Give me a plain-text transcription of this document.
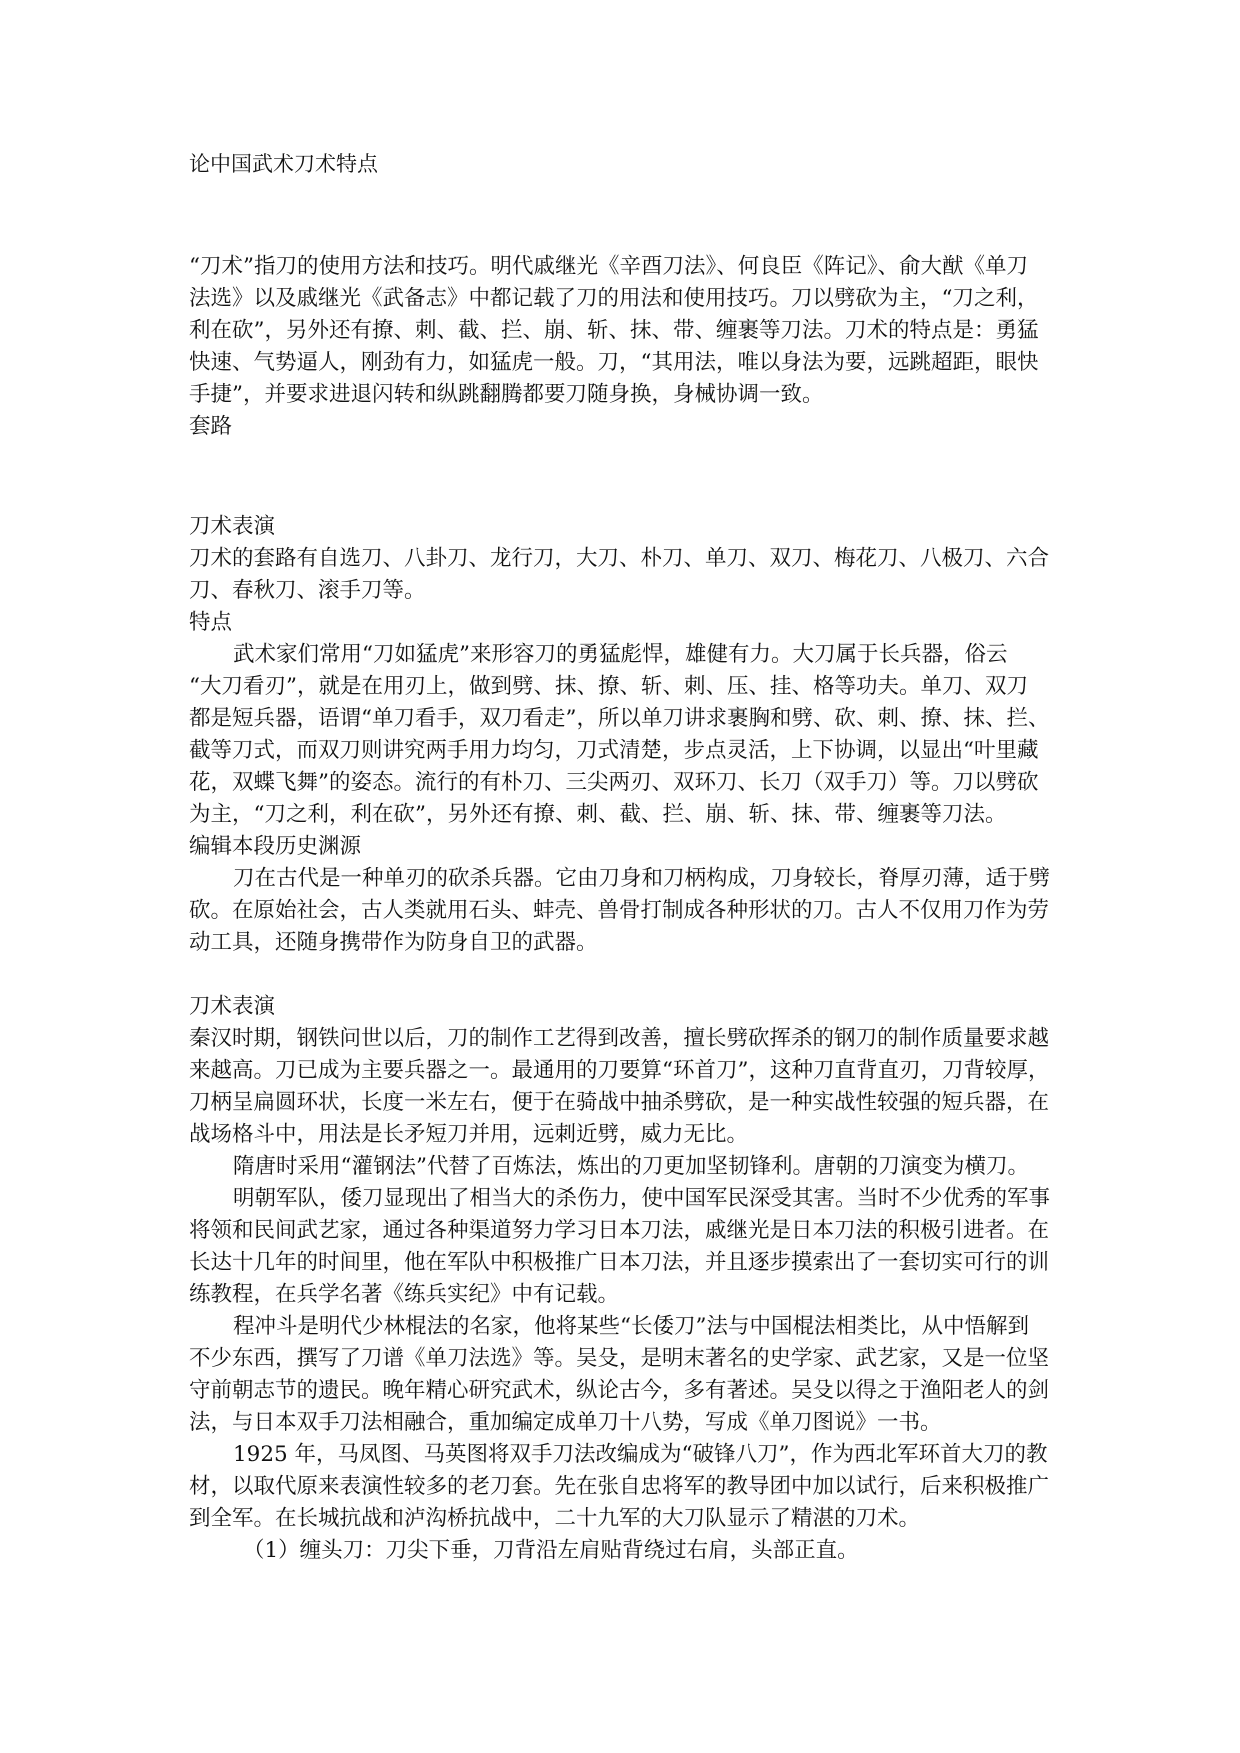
论中国武术刀术特点
“刀术”指刀的使用方法和技巧。明代戚继光《辛酉刀法》、何良臣《阵记》、俞大猷《单刀
法选》以及戚继光《武备志》中都记载了刀的用法和使用技巧。刀以劈砍为主，“刀之利，
利在砍”，另外还有撩、刺、截、拦、崩、斩、抹、带、缠裹等刀法。刀术的特点是：勇猛
快速、气势逼人，刚劲有力，如猛虎一般。刀，“其用法，唯以身法为要，远跳超距，眼快
手捷”，并要求进退闪转和纵跳翻腾都要刀随身换，身械协调一致。
套路
刀术表演
刀术的套路有自选刀、八卦刀、龙行刀，大刀、朴刀、单刀、双刀、梅花刀、八极刀、六合
刀、春秋刀、滚手刀等。
特点
武术家们常用“刀如猛虎”来形容刀的勇猛彪悍，雄健有力。大刀属于长兵器，俗云
“大刀看刃”，就是在用刃上，做到劈、抹、撩、斩、刺、压、挂、格等功夫。单刀、双刀
都是短兵器，语谓“单刀看手，双刀看走”，所以单刀讲求裹胸和劈、砍、刺、撩、抹、拦、
截等刀式，而双刀则讲究两手用力均匀，刀式清楚，步点灵活，上下协调，以显出“叶里藏
花，双蝶飞舞”的姿态。流行的有朴刀、三尖两刃、双环刀、长刀（双手刀）等。刀以劈砍
为主，“刀之利，利在砍”，另外还有撩、刺、截、拦、崩、斩、抹、带、缠裹等刀法。
编辑本段历史渊源
刀在古代是一种单刃的砍杀兵器。它由刀身和刀柄构成，刀身较长，脊厚刃薄，适于劈
砍。在原始社会，古人类就用石头、蚌壳、兽骨打制成各种形状的刀。古人不仅用刀作为劳
动工具，还随身携带作为防身自卫的武器。
刀术表演
秦汉时期，钢铁问世以后，刀的制作工艺得到改善，擅长劈砍挥杀的钢刀的制作质量要求越
来越高。刀已成为主要兵器之一。最通用的刀要算“环首刀”，这种刀直背直刃，刀背较厚，
刀柄呈扁圆环状，长度一米左右，便于在骑战中抽杀劈砍，是一种实战性较强的短兵器，在
战场格斗中，用法是长矛短刀并用，远刺近劈，威力无比。
隋唐时采用“灌钢法”代替了百炼法，炼出的刀更加坚韧锋利。唐朝的刀演变为横刀。
明朝军队，倭刀显现出了相当大的杀伤力，使中国军民深受其害。当时不少优秀的军事
将领和民间武艺家，通过各种渠道努力学习日本刀法，戚继光是日本刀法的积极引进者。在
长达十几年的时间里，他在军队中积极推广日本刀法，并且逐步摸索出了一套切实可行的训
练教程，在兵学名著《练兵实纪》中有记载。
程冲斗是明代少林棍法的名家，他将某些“长倭刀”法与中国棍法相类比，从中悟解到
不少东西，撰写了刀谱《单刀法选》等。吴殳，是明末著名的史学家、武艺家，又是一位坚
守前朝志节的遗民。晚年精心研究武术，纵论古今，多有著述。吴殳以得之于渔阳老人的剑
法，与日本双手刀法相融合，重加编定成单刀十八势，写成《单刀图说》一书。
1925 年，马凤图、马英图将双手刀法改编成为“破锋八刀”，作为西北军环首大刀的教
材，以取代原来表演性较多的老刀套。先在张自忠将军的教导团中加以试行，后来积极推广
到全军。在长城抗战和泸沟桥抗战中，二十九军的大刀队显示了精湛的刀术。
（1）缠头刀：刀尖下垂，刀背沿左肩贴背绕过右肩，头部正直。
